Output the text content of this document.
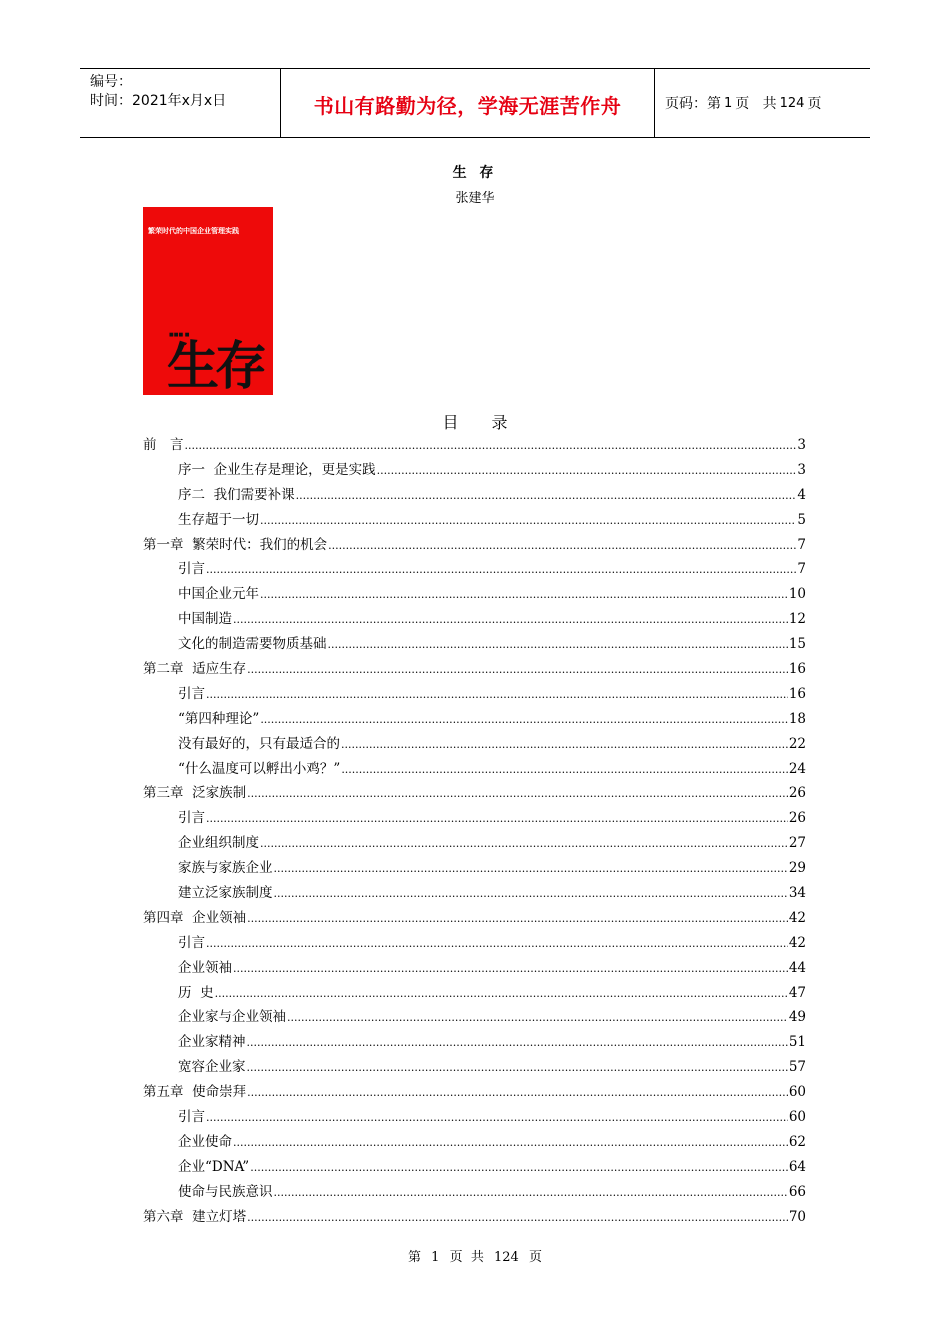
编号：
时间：2021年x月x日	书山有路勤为径，学海无涯苦作舟	页码：第 1 页   共 124 页
生 存
张建华
繁荣时代的中国企业管理实践
■■■ ■
生存
目 录
前　言 .....	3
序一  企业生存是理论，更是实践 .....	3
序二  我们需要补课 .....	4
生存超于一切 .....	5
第一章  繁荣时代：我们的机会 .....	7
引言 .....	7
中国企业元年 .....	10
中国制造 .....	12
文化的制造需要物质基础 .....	15
第二章  适应生存 .....	16
引言 .....	16
“第四种理论” .....	18
没有最好的，只有最适合的 .....	22
“什么温度可以孵出小鸡？” .....	24
第三章  泛家族制 .....	26
引言 .....	26
企业组织制度 .....	27
家族与家族企业 .....	29
建立泛家族制度 .....	34
第四章  企业领袖 .....	42
引言 .....	42
企业领袖 .....	44
历  史 .....	47
企业家与企业领袖 .....	49
企业家精神 .....	51
宽容企业家 .....	57
第五章  使命崇拜 .....	60
引言 .....	60
企业使命 .....	62
企业“DNA” .....	64
使命与民族意识 .....	66
第六章  建立灯塔 .....	70
第 1 页  共 124 页
